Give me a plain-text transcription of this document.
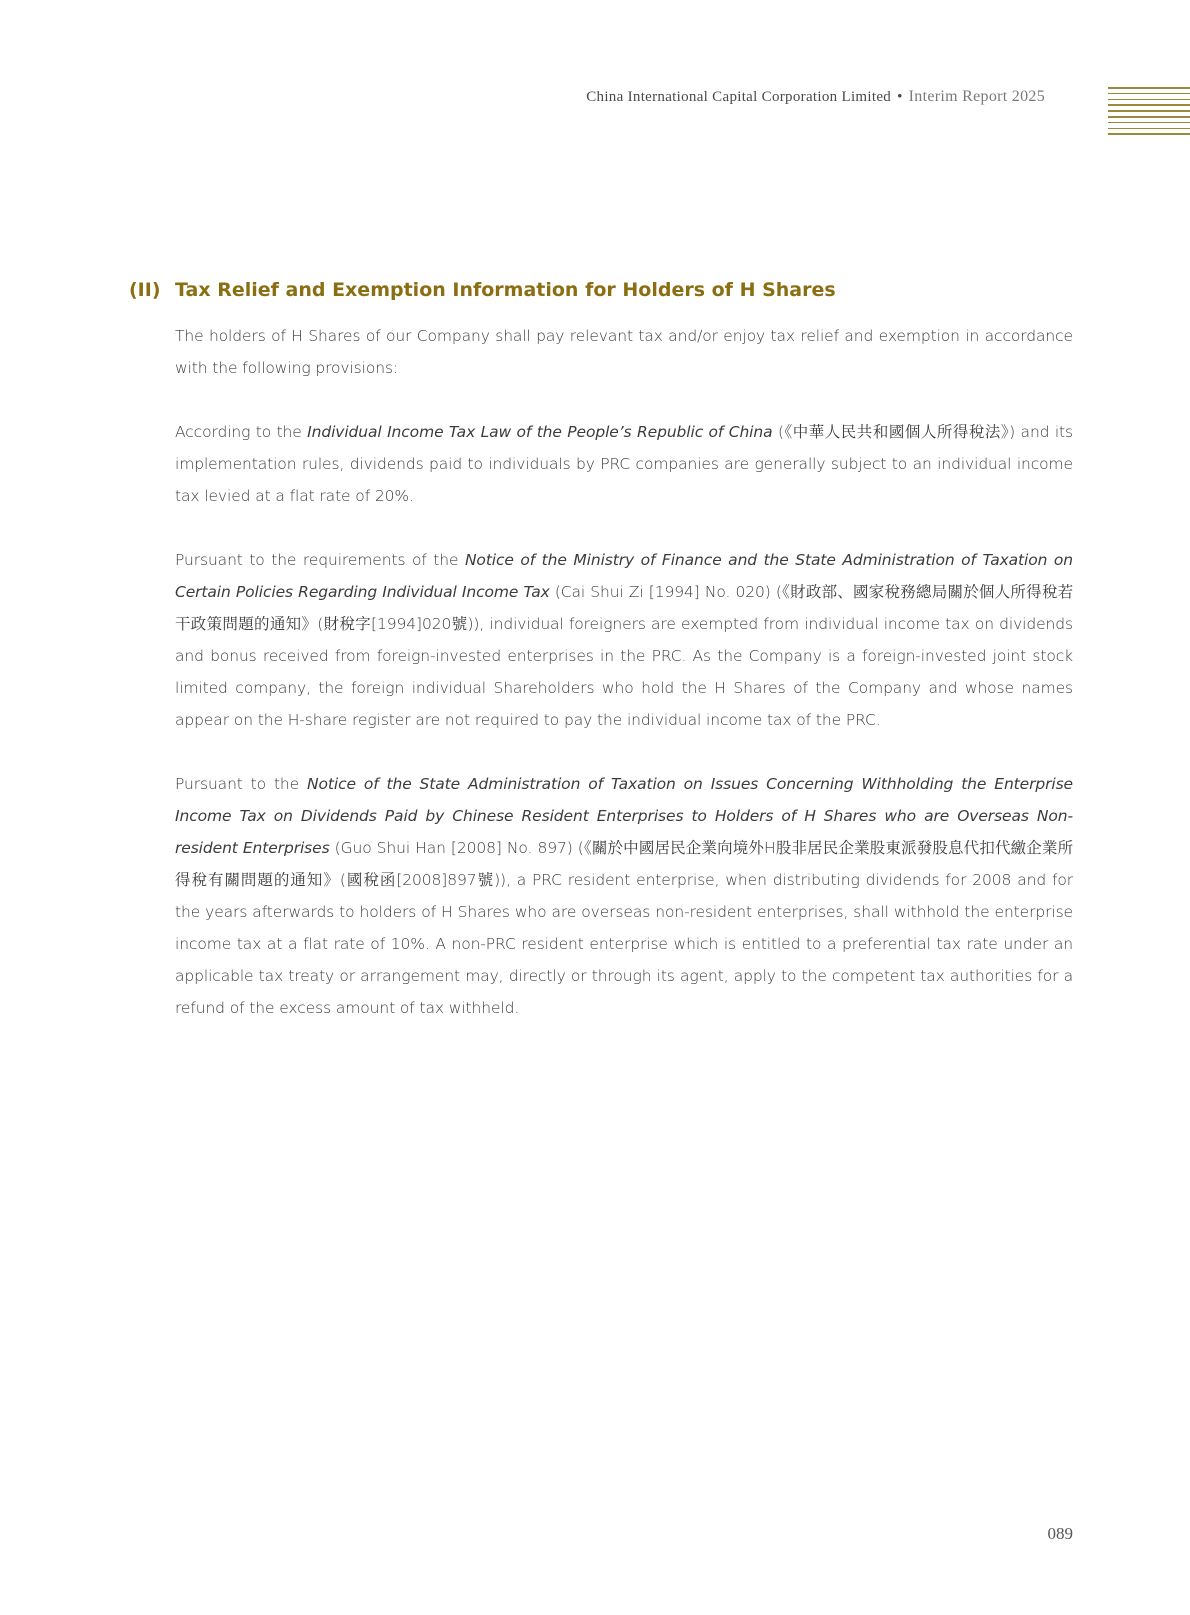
China International Capital Corporation Limited • Interim Report 2025
(II) Tax Relief and Exemption Information for Holders of H Shares

The holders of H Shares of our Company shall pay relevant tax and/or enjoy tax relief and exemption in accordance with the following provisions:

According to the Individual Income Tax Law of the People’s Republic of China (《中華人民共和國個人所得稅法》) and its implementation rules, dividends paid to individuals by PRC companies are generally subject to an individual income tax levied at a flat rate of 20%.

Pursuant to the requirements of the Notice of the Ministry of Finance and the State Administration of Taxation on Certain Policies Regarding Individual Income Tax (Cai Shui Zi [1994] No. 020) (《財政部、國家稅務總局關於個人所得稅若干政策問題的通知》(財稅字[1994]020號)), individual foreigners are exempted from individual income tax on dividends and bonus received from foreign-invested enterprises in the PRC. As the Company is a foreign-invested joint stock limited company, the foreign individual Shareholders who hold the H Shares of the Company and whose names appear on the H-share register are not required to pay the individual income tax of the PRC.

Pursuant to the Notice of the State Administration of Taxation on Issues Concerning Withholding the Enterprise Income Tax on Dividends Paid by Chinese Resident Enterprises to Holders of H Shares who are Overseas Non-resident Enterprises (Guo Shui Han [2008] No. 897) (《關於中國居民企業向境外H股非居民企業股東派發股息代扣代繳企業所得稅有關問題的通知》(國稅函[2008]897號)), a PRC resident enterprise, when distributing dividends for 2008 and for the years afterwards to holders of H Shares who are overseas non-resident enterprises, shall withhold the enterprise income tax at a flat rate of 10%. A non-PRC resident enterprise which is entitled to a preferential tax rate under an applicable tax treaty or arrangement may, directly or through its agent, apply to the competent tax authorities for a refund of the excess amount of tax withheld.

089
